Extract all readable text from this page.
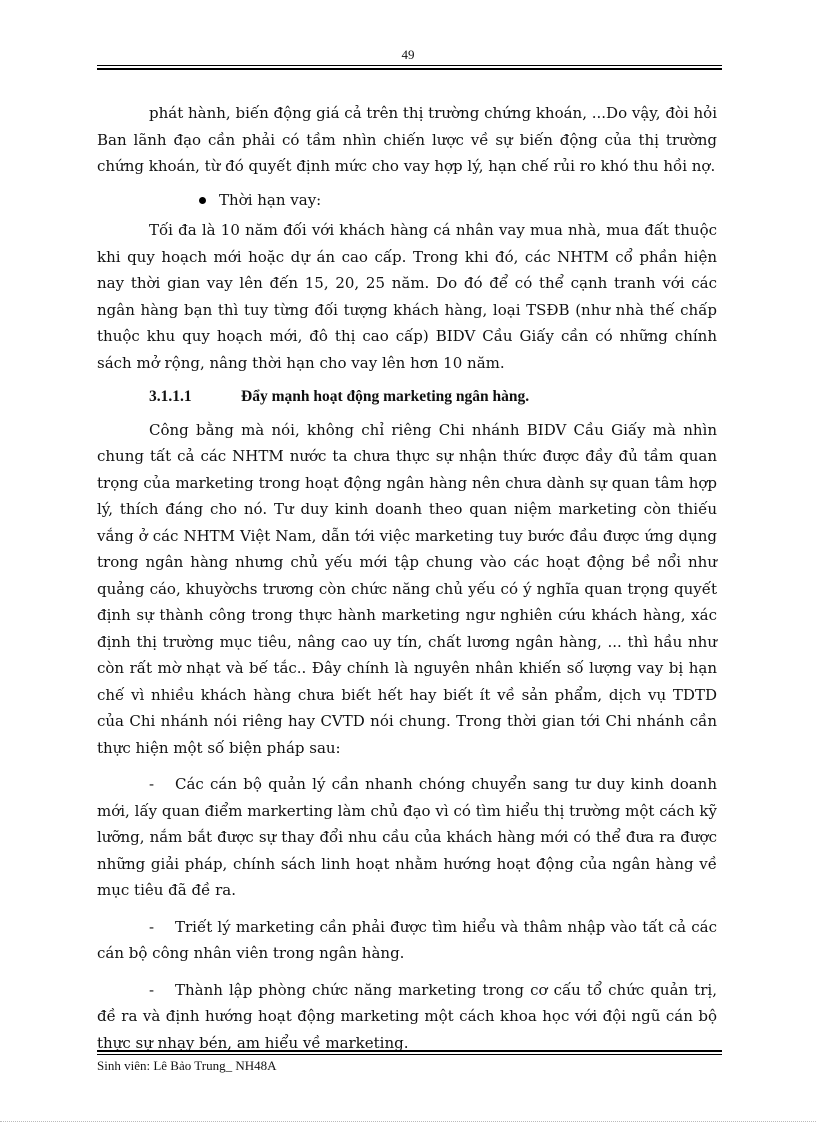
49

phát hành, biến động giá cả trên thị trường chứng khoán, ...Do vậy, đòi hỏi Ban lãnh đạo cần phải có tầm nhìn chiến lược về sự biến động của thị trường chứng khoán, từ đó quyết định mức cho vay hợp lý, hạn chế rủi ro khó thu hồi nợ.

Thời hạn vay:

Tối đa là 10 năm đối với khách hàng cá nhân vay mua nhà, mua đất thuộc khi quy hoạch mới hoặc dự án cao cấp. Trong khi đó, các NHTM cổ phần hiện nay thời gian vay lên đến 15, 20, 25 năm. Do đó để có thể cạnh tranh với các ngân hàng bạn thì tuy từng đối tượng khách hàng, loại TSĐB (như nhà thế chấp thuộc khu quy hoạch mới, đô thị cao cấp) BIDV Cầu Giấy cần có những chính sách mở rộng, nâng thời hạn cho vay lên hơn 10 năm.

3.1.1.1	Đẩy mạnh hoạt động marketing ngân hàng.

Công bằng mà nói, không chỉ riêng Chi nhánh BIDV Cầu Giấy mà nhìn chung tất cả các NHTM nước ta chưa thực sự nhận thức được đầy đủ tầm quan trọng của marketing trong hoạt động ngân hàng nên chưa dành sự quan tâm hợp lý, thích đáng cho nó. Tư duy kinh doanh theo quan niệm marketing còn thiếu vắng ở các NHTM Việt Nam, dẫn tới việc marketing tuy bước đầu được ứng dụng trong ngân hàng nhưng chủ yếu mới tập chung vào các hoạt động bề nổi như quảng cáo, khuyờchs trương còn chức năng chủ yếu có ý nghĩa quan trọng quyết định sự thành công trong thực hành marketing ngư nghiên cứu khách hàng, xác định thị trường mục tiêu, nâng cao uy tín, chất lương ngân hàng, ... thì hầu như còn rất mờ nhạt và bế tắc.. Đây chính là nguyên nhân khiến số lượng vay bị hạn chế vì nhiều khách hàng chưa biết hết hay biết ít về sản phẩm, dịch vụ TDTD của Chi nhánh nói riêng hay CVTD nói chung. Trong thời gian tới Chi nhánh cần thực hiện một số biện pháp sau:

- Các cán bộ quản lý cần nhanh chóng chuyển sang tư duy kinh doanh mới, lấy quan điểm markerting làm chủ đạo vì có tìm hiểu thị trường một cách kỹ lưỡng, nắm bắt được sự thay đổi nhu cầu của khách hàng mới có thể đưa ra được những giải pháp, chính sách linh hoạt nhằm hướng hoạt động của ngân hàng về mục tiêu đã đề ra.

- Triết lý marketing cần phải được tìm hiểu và thâm nhập vào tất cả các cán bộ công nhân viên trong ngân hàng.

- Thành lập phòng chức năng marketing trong cơ cấu tổ chức quản trị, đề ra và định hướng hoạt động marketing một cách khoa học với đội ngũ cán bộ thực sự nhạy bén, am hiểu về marketing.

Sinh viên: Lê Bảo Trung_ NH48A
